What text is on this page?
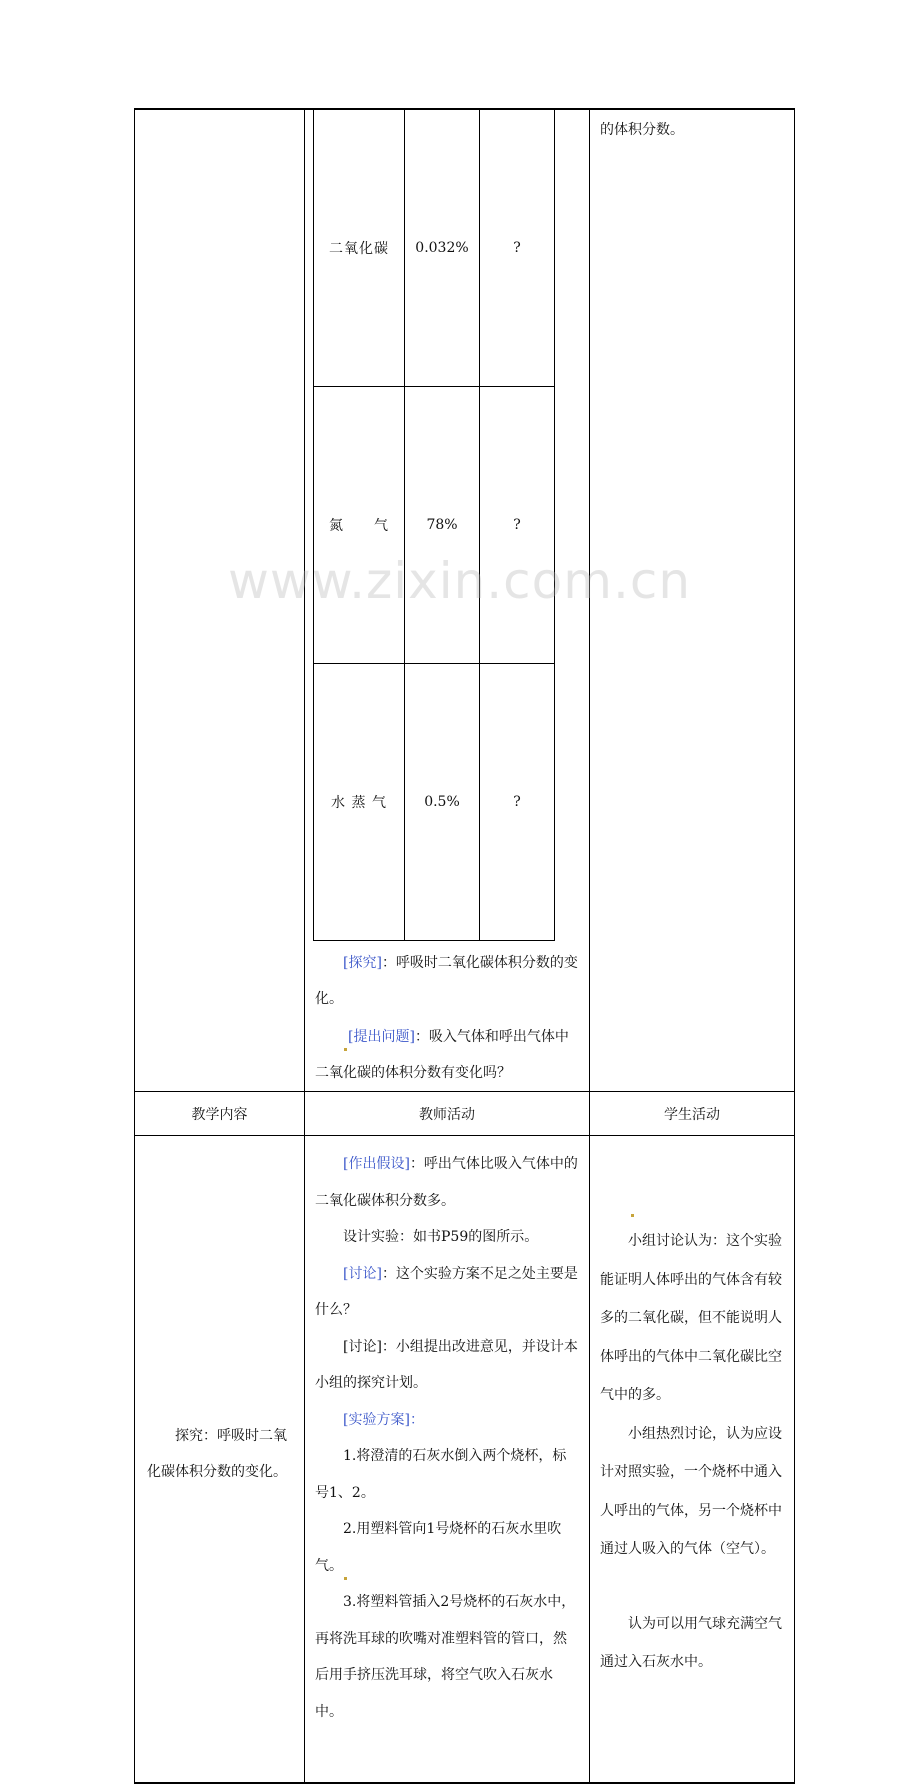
二氧化碳	0.032%	?
氮　　气	78%	?
水 蒸 气	0.5%	?

[探究]：呼吸时二氧化碳体积分数的变化。

[提出问题]：吸入气体和呼出气体中二氧化碳的体积分数有变化吗？

的体积分数。

教学内容	教师活动	学生活动

探究：呼吸时二氧化碳体积分数的变化。

[作出假设]：呼出气体比吸入气体中的二氧化碳体积分数多。

设计实验：如书P59的图所示。

[讨论]：这个实验方案不足之处主要是什么？

[讨论]：小组提出改进意见，并设计本小组的探究计划。

[实验方案]：

1.将澄清的石灰水倒入两个烧杯，标号1、2。

2.用塑料管向1号烧杯的石灰水里吹气。

3.将塑料管插入2号烧杯的石灰水中，再将洗耳球的吹嘴对准塑料管的管口，然后用手挤压洗耳球，将空气吹入石灰水中。

小组讨论认为：这个实验能证明人体呼出的气体含有较多的二氧化碳，但不能说明人体呼出的气体中二氧化碳比空气中的多。

小组热烈讨论，认为应设计对照实验，一个烧杯中通入人呼出的气体，另一个烧杯中通过人吸入的气体（空气）。

认为可以用气球充满空气通过入石灰水中。

www.zixin.com.cn
